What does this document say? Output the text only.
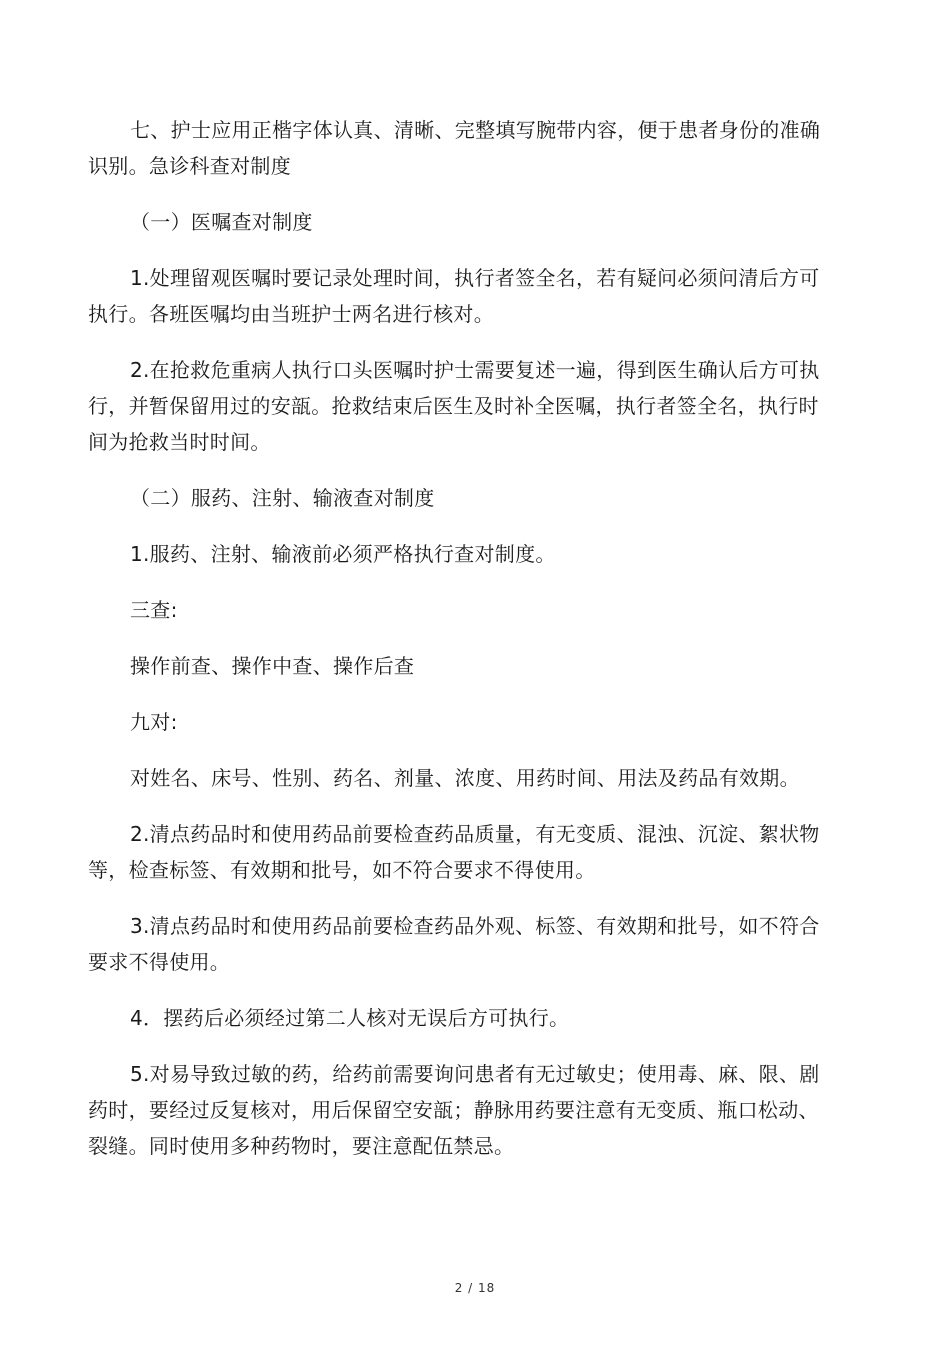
七、护士应用正楷字体认真、清晰、完整填写腕带内容，便于患者身份的准确识别。急诊科查对制度

（一）医嘱查对制度

1.处理留观医嘱时要记录处理时间，执行者签全名，若有疑问必须问清后方可执行。各班医嘱均由当班护士两名进行核对。

2.在抢救危重病人执行口头医嘱时护士需要复述一遍，得到医生确认后方可执行，并暂保留用过的安瓿。抢救结束后医生及时补全医嘱，执行者签全名，执行时间为抢救当时时间。

（二）服药、注射、输液查对制度

1.服药、注射、输液前必须严格执行查对制度。

三查:

操作前查、操作中查、操作后查

九对:

对姓名、床号、性别、药名、剂量、浓度、用药时间、用法及药品有效期。

2.清点药品时和使用药品前要检查药品质量，有无变质、混浊、沉淀、絮状物等，检查标签、有效期和批号，如不符合要求不得使用。

3.清点药品时和使用药品前要检查药品外观、标签、有效期和批号，如不符合要求不得使用。

4．摆药后必须经过第二人核对无误后方可执行。

5.对易导致过敏的药，给药前需要询问患者有无过敏史；使用毒、麻、限、剧药时，要经过反复核对，用后保留空安瓿；静脉用药要注意有无变质、瓶口松动、裂缝。同时使用多种药物时，要注意配伍禁忌。

2 / 18
